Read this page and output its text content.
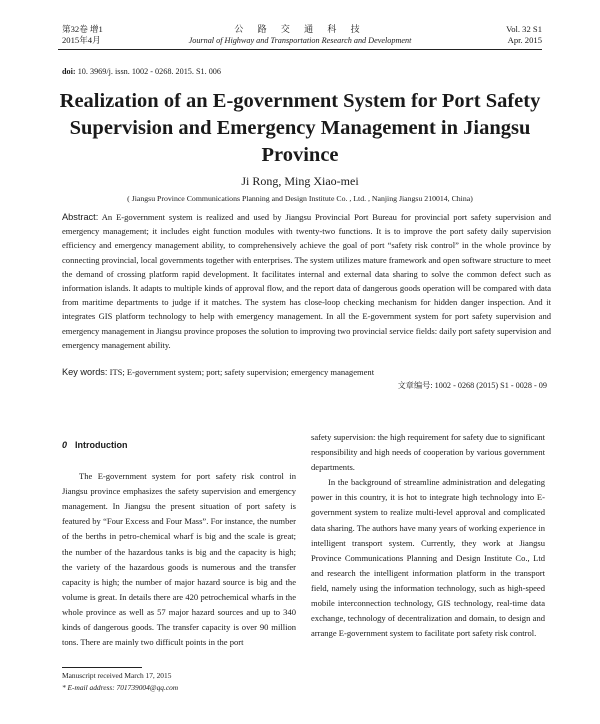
第32卷 增1
2015年4月
公 路 交 通 科 技
Journal of Highway and Transportation Research and Development
Vol. 32 S1
Apr. 2015
doi: 10. 3969/j. issn. 1002 - 0268. 2015. S1. 006
Realization of an E-government System for Port Safety Supervision and Emergency Management in Jiangsu Province
Ji Rong, Ming Xiao-mei
( Jiangsu Province Communications Planning and Design Institute Co. , Ltd. , Nanjing Jiangsu 210014, China)
Abstract: An E-government system is realized and used by Jiangsu Provincial Port Bureau for provincial port safety supervision and emergency management; it includes eight function modules with twenty-two functions. It is to improve the port safety daily supervision efficiency and emergency management ability, to comprehensively achieve the goal of port “safety risk control” in the whole province by connecting provincial, local governments together with enterprises. The system utilizes mature framework and open software structure to meet the demand of crossing platform rapid development. It facilitates internal and external data sharing to solve the common defect such as information islands. It adapts to multiple kinds of approval flow, and the report data of dangerous goods operation will be compared with data from maritime departments to judge if it matches. The system has close-loop checking mechanism for hidden danger inspection. And it integrates GIS platform technology to help with emergency management. In all the E-government system for port safety supervision and emergency management in Jiangsu province proposes the solution to improving two provincial service fields: daily port safety supervision and emergency management ability.
Key words: ITS; E-government system; port; safety supervision; emergency management
文章编号: 1002 - 0268 (2015) S1 - 0028 - 09

0 Introduction

The E-government system for port safety risk control in Jiangsu province emphasizes the safety supervision and emergency management. In Jiangsu the present situation of port safety is featured by “Four Excess and Four Mass”. For instance, the number of the berths in petro-chemical wharf is big and the scale is great; the number of the hazardous tanks is big and the capacity is high; the variety of the hazardous goods is numerous and the transfer capacity is high; the number of major hazard source is big and the volume is great. In details there are 420 petrochemical wharfs in the whole province as well as 57 major hazard sources and up to 340 kinds of dangerous goods. The transfer capacity is over 90 million tons. There are mainly two difficult points in the port

safety supervision: the high requirement for safety due to significant responsibility and high needs of cooperation by various government departments.

In the background of streamline administration and delegating power in this country, it is hot to integrate high technology into E-government system to realize multi-level approval and complicated data sharing. The authors have many years of working experience in intelligent transport system. Currently, they work at Jiangsu Province Communications Planning and Design Institute Co., Ltd and research the intelligent information platform in the transport field, namely using the information technology, such as high-speed mobile interconnection technology, GIS technology, real-time data exchange, technology of decentralization and domain, to design and arrange E-government system to facilitate port safety risk control.

Manuscript received March 17, 2015
* E-mail address: 701739004@qq.com
